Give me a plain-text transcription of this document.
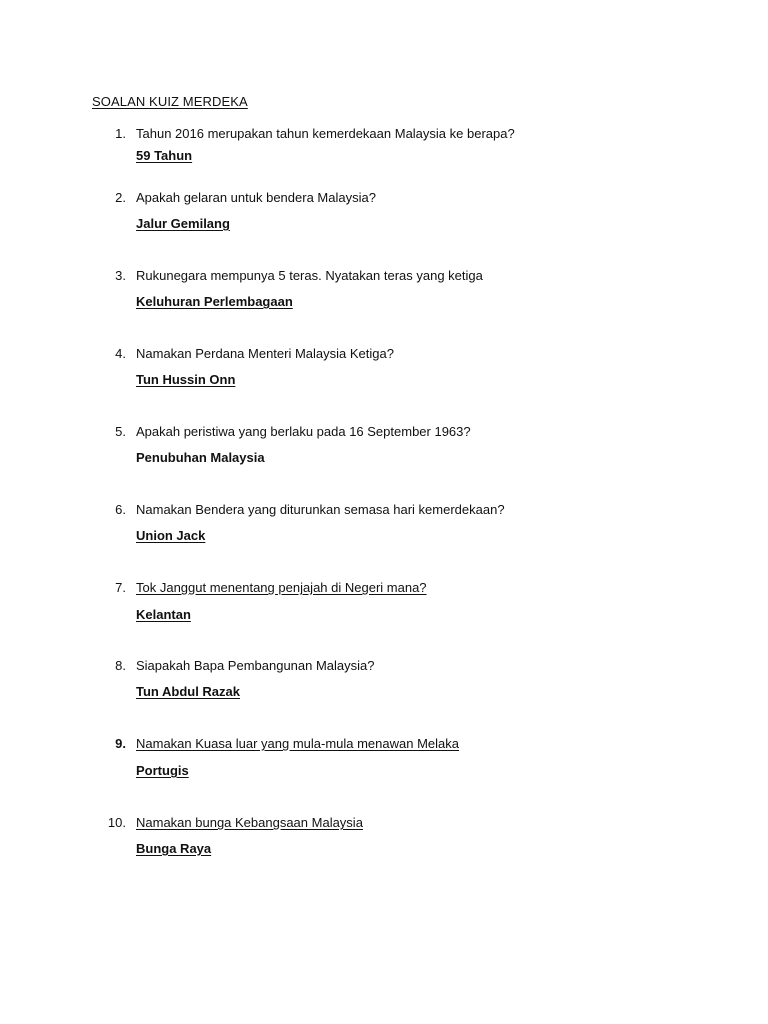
SOALAN KUIZ MERDEKA
1. Tahun 2016 merupakan tahun kemerdekaan Malaysia ke berapa?
59 Tahun
2. Apakah gelaran untuk bendera Malaysia?
Jalur Gemilang
3. Rukunegara mempunya 5 teras. Nyatakan teras yang ketiga
Keluhuran Perlembagaan
4. Namakan Perdana Menteri Malaysia Ketiga?
Tun Hussin Onn
5. Apakah peristiwa yang berlaku pada 16 September 1963?
Penubuhan Malaysia
6. Namakan Bendera yang diturunkan semasa hari kemerdekaan?
Union Jack
7. Tok Janggut menentang penjajah di Negeri mana?
Kelantan
8. Siapakah Bapa Pembangunan Malaysia?
Tun Abdul Razak
9. Namakan Kuasa luar yang mula-mula menawan Melaka
Portugis
10. Namakan bunga Kebangsaan Malaysia
Bunga Raya
